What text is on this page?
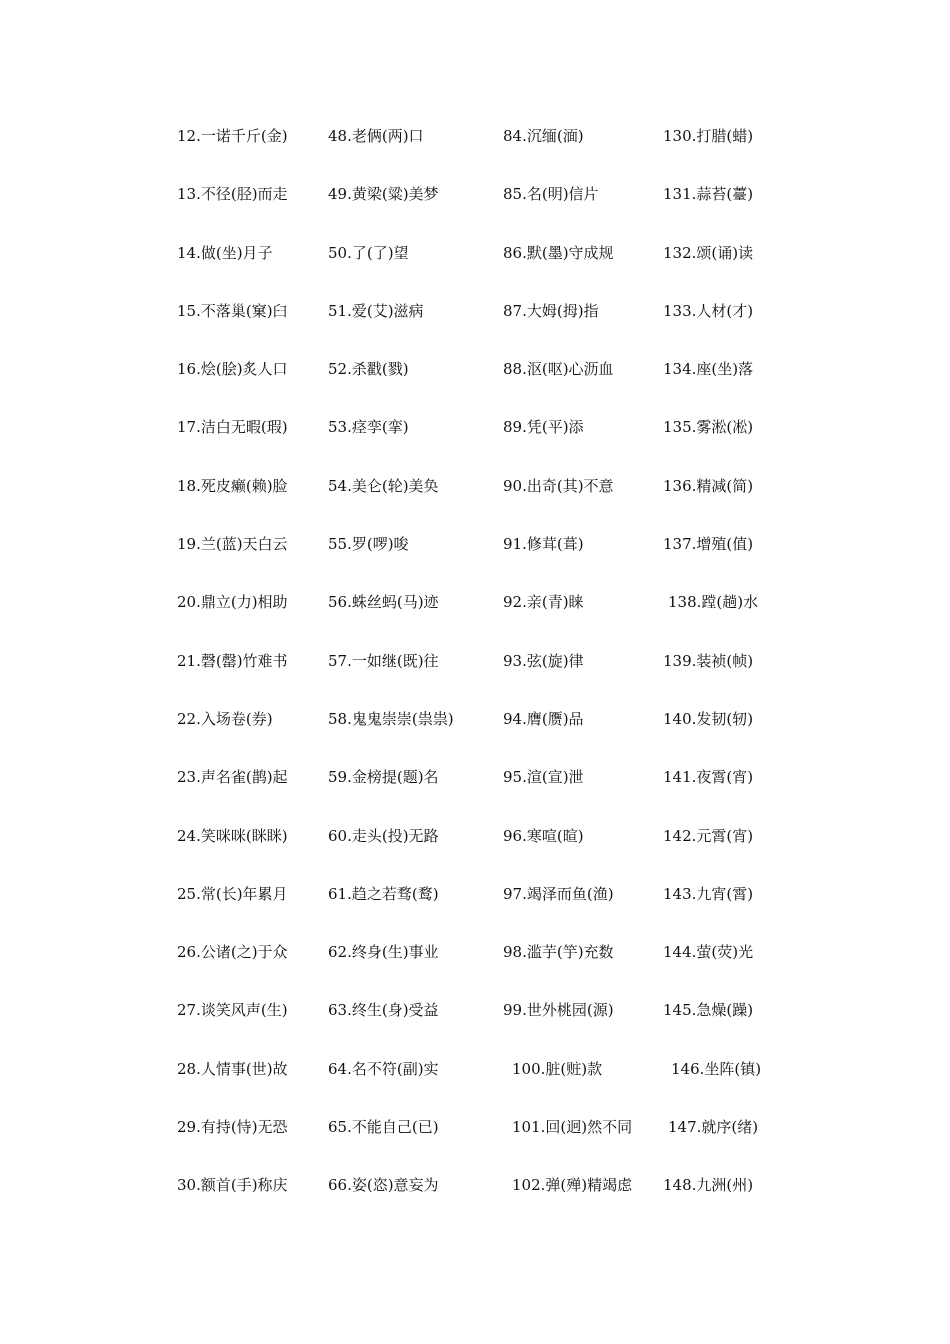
12.一诺千斤(金)	48.老俩(两)口	84.沉缅(湎)	130.打腊(蜡)
13.不径(胫)而走	49.黄梁(粱)美梦	85.名(明)信片	131.蒜苔(薹)
14.做(坐)月子	50.了(了)望	86.默(墨)守成规	132.颂(诵)读
15.不落巢(窠)臼	51.爱(艾)滋病	87.大姆(拇)指	133.人材(才)
16.烩(脍)炙人口	52.杀戳(戮)	88.沤(呕)心沥血	134.座(坐)落
17.洁白无暇(瑕)	53.痉孪(挛)	89.凭(平)添	135.雾淞(凇)
18.死皮癞(赖)脸	54.美仑(轮)美奂	90.出奇(其)不意	136.精减(简)
19.兰(蓝)天白云	55.罗(啰)唆	91.修茸(葺)	137.增殖(值)
20.鼎立(力)相助	56.蛛丝蚂(马)迹	92.亲(青)睐	138.蹚(趟)水
21.磬(罄)竹难书	57.一如继(既)往	93.弦(旋)律	139.装祯(帧)
22.入场卷(券)	58.鬼鬼崇崇(祟祟)	94.膺(赝)品	140.发韧(轫)
23.声名雀(鹊)起	59.金榜提(题)名	95.渲(宣)泄	141.夜霄(宵)
24.笑咪咪(眯眯)	60.走头(投)无路	96.寒喧(暄)	142.元霄(宵)
25.常(长)年累月	61.趋之若骛(鹜)	97.竭泽而鱼(渔)	143.九宵(霄)
26.公诸(之)于众	62.终身(生)事业	98.滥芋(竽)充数	144.萤(荧)光
27.谈笑风声(生)	63.终生(身)受益	99.世外桃园(源)	145.急燥(躁)
28.人情事(世)故	64.名不符(副)实	100.脏(赃)款	146.坐阵(镇)
29.有持(恃)无恐	65.不能自己(已)	101.回(迥)然不同 147.就序(绪)
30.额首(手)称庆	66.姿(恣)意妄为	102.弹(殚)精竭虑 148.九洲(州)
